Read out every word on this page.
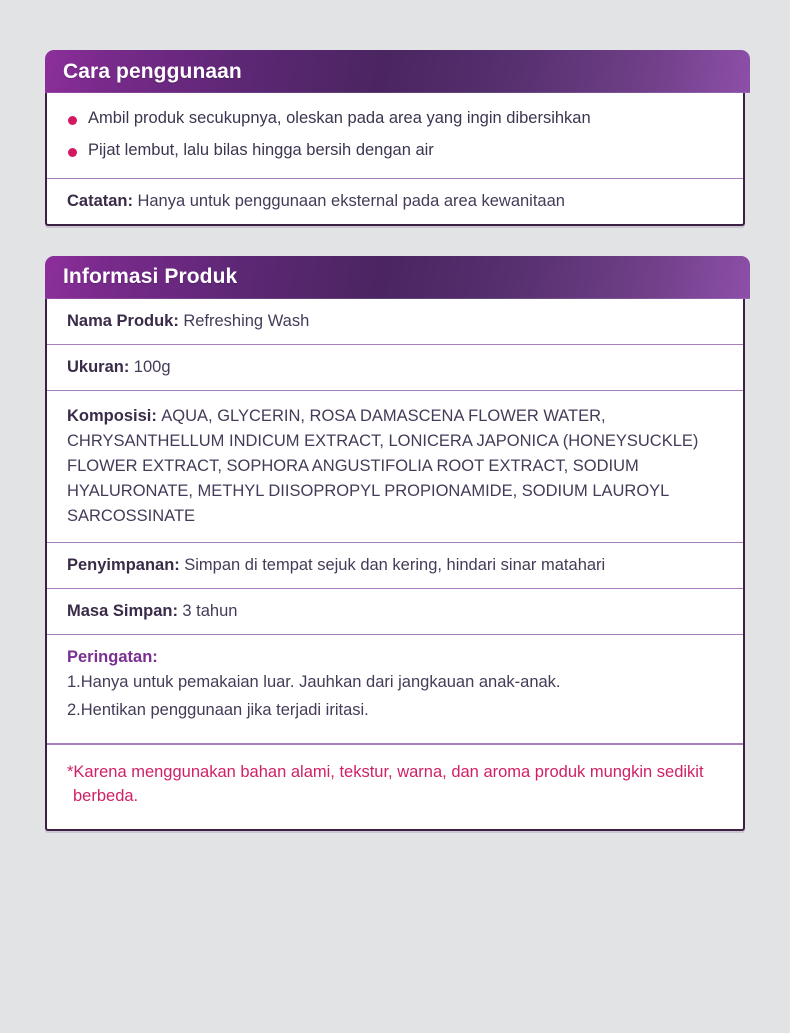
Cara penggunaan
Ambil produk secukupnya, oleskan pada area yang ingin dibersihkan
Pijat lembut, lalu bilas hingga bersih dengan air
Catatan: Hanya untuk penggunaan eksternal pada area kewanitaan
Informasi Produk
Nama Produk: Refreshing Wash
Ukuran: 100g
Komposisi: AQUA, GLYCERIN, ROSA DAMASCENA FLOWER WATER, CHRYSANTHELLUM INDICUM EXTRACT, LONICERA JAPONICA (HONEYSUCKLE) FLOWER EXTRACT, SOPHORA ANGUSTIFOLIA ROOT EXTRACT, SODIUM HYALURONATE, METHYL DIISOPROPYL PROPIONAMIDE, SODIUM LAUROYL SARCOSSINATE
Penyimpanan: Simpan di tempat sejuk dan kering, hindari sinar matahari
Masa Simpan: 3 tahun
Peringatan:
1.Hanya untuk pemakaian luar. Jauhkan dari jangkauan anak-anak.
2.Hentikan penggunaan jika terjadi iritasi.
*Karena menggunakan bahan alami, tekstur, warna, dan aroma produk mungkin sedikit berbeda.
